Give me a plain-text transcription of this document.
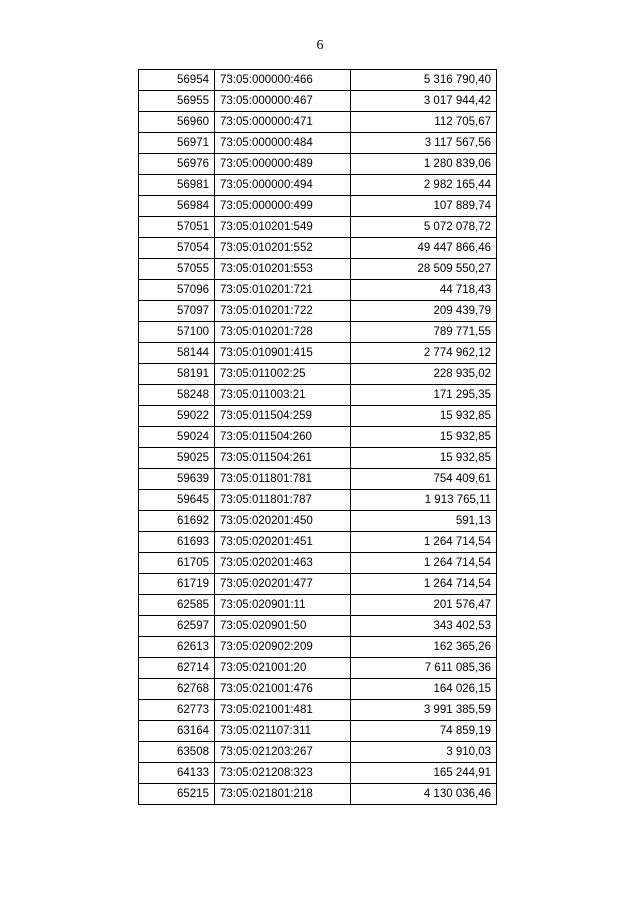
6
56954	73:05:000000:466	5 316 790,40
56955	73:05:000000:467	3 017 944,42
56960	73:05:000000:471	112 705,67
56971	73:05:000000:484	3 117 567,56
56976	73:05:000000:489	1 280 839,06
56981	73:05:000000:494	2 982 165,44
56984	73:05:000000:499	107 889,74
57051	73:05:010201:549	5 072 078,72
57054	73:05:010201:552	49 447 866,46
57055	73:05:010201:553	28 509 550,27
57096	73:05:010201:721	44 718,43
57097	73:05:010201:722	209 439,79
57100	73:05:010201:728	789 771,55
58144	73:05:010901:415	2 774 962,12
58191	73:05:011002:25	228 935,02
58248	73:05:011003:21	171 295,35
59022	73:05:011504:259	15 932,85
59024	73:05:011504:260	15 932,85
59025	73:05:011504:261	15 932,85
59639	73:05:011801:781	754 409,61
59645	73:05:011801:787	1 913 765,11
61692	73:05:020201:450	591,13
61693	73:05:020201:451	1 264 714,54
61705	73:05:020201:463	1 264 714,54
61719	73:05:020201:477	1 264 714,54
62585	73:05:020901:11	201 576,47
62597	73:05:020901:50	343 402,53
62613	73:05:020902:209	162 365,26
62714	73:05:021001:20	7 611 085,36
62768	73:05:021001:476	164 026,15
62773	73:05:021001:481	3 991 385,59
63164	73:05:021107:311	74 859,19
63508	73:05:021203:267	3 910,03
64133	73:05:021208:323	165 244,91
65215	73:05:021801:218	4 130 036,46
